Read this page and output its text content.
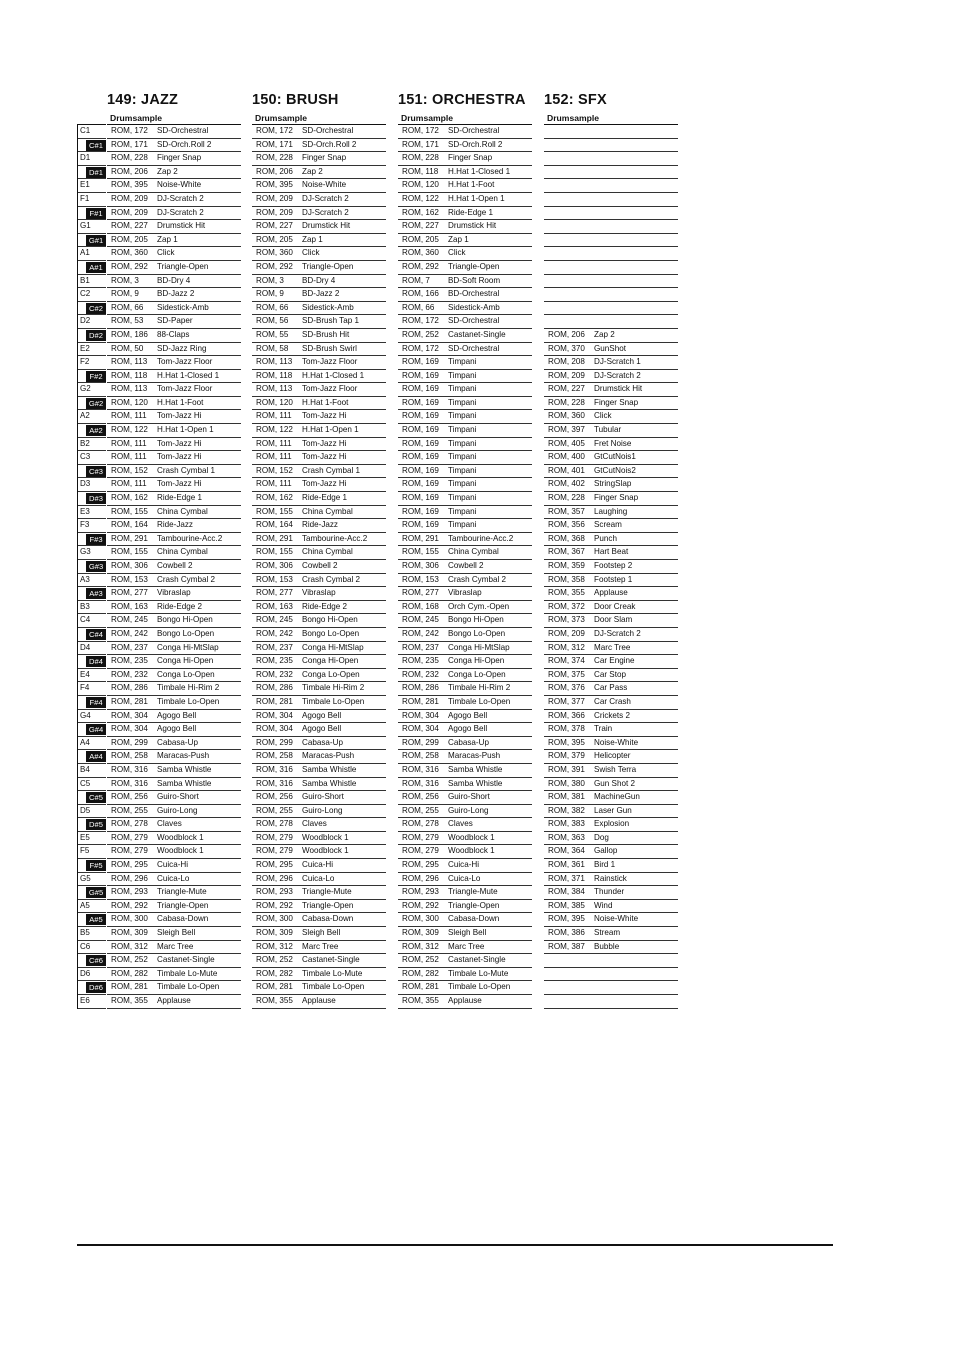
149: JAZZ
Drumsample
150: BRUSH
Drumsample
151: ORCHESTRA
Drumsample
152: SFX
Drumsample
C1
C#1
D1
D#1
E1
F1
F#1
G1
G#1
A1
A#1
B1
C2
C#2
D2
D#2
E2
F2
F#2
G2
G#2
A2
A#2
B2
C3
C#3
D3
D#3
E3
F3
F#3
G3
G#3
A3
A#3
B3
C4
C#4
D4
D#4
E4
F4
F#4
G4
G#4
A4
A#4
B4
C5
C#5
D5
D#5
E5
F5
F#5
G5
G#5
A5
A#5
B5
C6
C#6
D6
D#6
E6
ROM, 172 SD-Orchestral
ROM, 171 SD-Orch.Roll 2
ROM, 228 Finger Snap
ROM, 206 Zap 2
ROM, 395 Noise-White
ROM, 209 DJ-Scratch 2
ROM, 209 DJ-Scratch 2
ROM, 227 Drumstick Hit
ROM, 205 Zap 1
ROM, 360 Click
ROM, 292 Triangle-Open
ROM, 3 BD-Dry 4
ROM, 9 BD-Jazz 2
ROM, 66 Sidestick-Amb
ROM, 53 SD-Paper
ROM, 186 88-Claps
ROM, 50 SD-Jazz Ring
ROM, 113 Tom-Jazz Floor
ROM, 118 H.Hat 1-Closed 1
ROM, 113 Tom-Jazz Floor
ROM, 120 H.Hat 1-Foot
ROM, 111 Tom-Jazz Hi
ROM, 122 H.Hat 1-Open 1
ROM, 111 Tom-Jazz Hi
ROM, 111 Tom-Jazz Hi
ROM, 152 Crash Cymbal 1
ROM, 111 Tom-Jazz Hi
ROM, 162 Ride-Edge 1
ROM, 155 China Cymbal
ROM, 164 Ride-Jazz
ROM, 291 Tambourine-Acc.2
ROM, 155 China Cymbal
ROM, 306 Cowbell 2
ROM, 153 Crash Cymbal 2
ROM, 277 Vibraslap
ROM, 163 Ride-Edge 2
ROM, 245 Bongo Hi-Open
ROM, 242 Bongo Lo-Open
ROM, 237 Conga Hi-MtSlap
ROM, 235 Conga Hi-Open
ROM, 232 Conga Lo-Open
ROM, 286 Timbale Hi-Rim 2
ROM, 281 Timbale Lo-Open
ROM, 304 Agogo Bell
ROM, 304 Agogo Bell
ROM, 299 Cabasa-Up
ROM, 258 Maracas-Push
ROM, 316 Samba Whistle
ROM, 316 Samba Whistle
ROM, 256 Guiro-Short
ROM, 255 Guiro-Long
ROM, 278 Claves
ROM, 279 Woodblock 1
ROM, 279 Woodblock 1
ROM, 295 Cuica-Hi
ROM, 296 Cuica-Lo
ROM, 293 Triangle-Mute
ROM, 292 Triangle-Open
ROM, 300 Cabasa-Down
ROM, 309 Sleigh Bell
ROM, 312 Marc Tree
ROM, 252 Castanet-Single
ROM, 282 Timbale Lo-Mute
ROM, 281 Timbale Lo-Open
ROM, 355 Applause
ROM, 172 SD-Orchestral
ROM, 171 SD-Orch.Roll 2
ROM, 228 Finger Snap
ROM, 206 Zap 2
ROM, 395 Noise-White
ROM, 209 DJ-Scratch 2
ROM, 209 DJ-Scratch 2
ROM, 227 Drumstick Hit
ROM, 205 Zap 1
ROM, 360 Click
ROM, 292 Triangle-Open
ROM, 3 BD-Dry 4
ROM, 9 BD-Jazz 2
ROM, 66 Sidestick-Amb
ROM, 56 SD-Brush Tap 1
ROM, 55 SD-Brush Hit
ROM, 58 SD-Brush Swirl
ROM, 113 Tom-Jazz Floor
ROM, 118 H.Hat 1-Closed 1
ROM, 113 Tom-Jazz Floor
ROM, 120 H.Hat 1-Foot
ROM, 111 Tom-Jazz Hi
ROM, 122 H.Hat 1-Open 1
ROM, 111 Tom-Jazz Hi
ROM, 111 Tom-Jazz Hi
ROM, 152 Crash Cymbal 1
ROM, 111 Tom-Jazz Hi
ROM, 162 Ride-Edge 1
ROM, 155 China Cymbal
ROM, 164 Ride-Jazz
ROM, 291 Tambourine-Acc.2
ROM, 155 China Cymbal
ROM, 306 Cowbell 2
ROM, 153 Crash Cymbal 2
ROM, 277 Vibraslap
ROM, 163 Ride-Edge 2
ROM, 245 Bongo Hi-Open
ROM, 242 Bongo Lo-Open
ROM, 237 Conga Hi-MtSlap
ROM, 235 Conga Hi-Open
ROM, 232 Conga Lo-Open
ROM, 286 Timbale Hi-Rim 2
ROM, 281 Timbale Lo-Open
ROM, 304 Agogo Bell
ROM, 304 Agogo Bell
ROM, 299 Cabasa-Up
ROM, 258 Maracas-Push
ROM, 316 Samba Whistle
ROM, 316 Samba Whistle
ROM, 256 Guiro-Short
ROM, 255 Guiro-Long
ROM, 278 Claves
ROM, 279 Woodblock 1
ROM, 279 Woodblock 1
ROM, 295 Cuica-Hi
ROM, 296 Cuica-Lo
ROM, 293 Triangle-Mute
ROM, 292 Triangle-Open
ROM, 300 Cabasa-Down
ROM, 309 Sleigh Bell
ROM, 312 Marc Tree
ROM, 252 Castanet-Single
ROM, 282 Timbale Lo-Mute
ROM, 281 Timbale Lo-Open
ROM, 355 Applause
ROM, 172 SD-Orchestral
ROM, 171 SD-Orch.Roll 2
ROM, 228 Finger Snap
ROM, 118 H.Hat 1-Closed 1
ROM, 120 H.Hat 1-Foot
ROM, 122 H.Hat 1-Open 1
ROM, 162 Ride-Edge 1
ROM, 227 Drumstick Hit
ROM, 205 Zap 1
ROM, 360 Click
ROM, 292 Triangle-Open
ROM, 7 BD-Soft Room
ROM, 166 BD-Orchestral
ROM, 66 Sidestick-Amb
ROM, 172 SD-Orchestral
ROM, 252 Castanet-Single
ROM, 172 SD-Orchestral
ROM, 169 Timpani
ROM, 169 Timpani
ROM, 169 Timpani
ROM, 169 Timpani
ROM, 169 Timpani
ROM, 169 Timpani
ROM, 169 Timpani
ROM, 169 Timpani
ROM, 169 Timpani
ROM, 169 Timpani
ROM, 169 Timpani
ROM, 169 Timpani
ROM, 169 Timpani
ROM, 291 Tambourine-Acc.2
ROM, 155 China Cymbal
ROM, 306 Cowbell 2
ROM, 153 Crash Cymbal 2
ROM, 277 Vibraslap
ROM, 168 Orch Cym.-Open
ROM, 245 Bongo Hi-Open
ROM, 242 Bongo Lo-Open
ROM, 237 Conga Hi-MtSlap
ROM, 235 Conga Hi-Open
ROM, 232 Conga Lo-Open
ROM, 286 Timbale Hi-Rim 2
ROM, 281 Timbale Lo-Open
ROM, 304 Agogo Bell
ROM, 304 Agogo Bell
ROM, 299 Cabasa-Up
ROM, 258 Maracas-Push
ROM, 316 Samba Whistle
ROM, 316 Samba Whistle
ROM, 256 Guiro-Short
ROM, 255 Guiro-Long
ROM, 278 Claves
ROM, 279 Woodblock 1
ROM, 279 Woodblock 1
ROM, 295 Cuica-Hi
ROM, 296 Cuica-Lo
ROM, 293 Triangle-Mute
ROM, 292 Triangle-Open
ROM, 300 Cabasa-Down
ROM, 309 Sleigh Bell
ROM, 312 Marc Tree
ROM, 252 Castanet-Single
ROM, 282 Timbale Lo-Mute
ROM, 281 Timbale Lo-Open
ROM, 355 Applause
ROM, 206 Zap 2
ROM, 370 GunShot
ROM, 208 DJ-Scratch 1
ROM, 209 DJ-Scratch 2
ROM, 227 Drumstick Hit
ROM, 228 Finger Snap
ROM, 360 Click
ROM, 397 Tubular
ROM, 405 Fret Noise
ROM, 400 GtCutNois1
ROM, 401 GtCutNois2
ROM, 402 StringSlap
ROM, 228 Finger Snap
ROM, 357 Laughing
ROM, 356 Scream
ROM, 368 Punch
ROM, 367 Hart Beat
ROM, 359 Footstep 2
ROM, 358 Footstep 1
ROM, 355 Applause
ROM, 372 Door Creak
ROM, 373 Door Slam
ROM, 209 DJ-Scratch 2
ROM, 312 Marc Tree
ROM, 374 Car Engine
ROM, 375 Car Stop
ROM, 376 Car Pass
ROM, 377 Car Crash
ROM, 366 Crickets 2
ROM, 378 Train
ROM, 395 Noise-White
ROM, 379 Helicopter
ROM, 391 Swish Terra
ROM, 380 Gun Shot 2
ROM, 381 MachineGun
ROM, 382 Laser Gun
ROM, 383 Explosion
ROM, 363 Dog
ROM, 364 Gallop
ROM, 361 Bird 1
ROM, 371 Rainstick
ROM, 384 Thunder
ROM, 385 Wind
ROM, 395 Noise-White
ROM, 386 Stream
ROM, 387 Bubble
